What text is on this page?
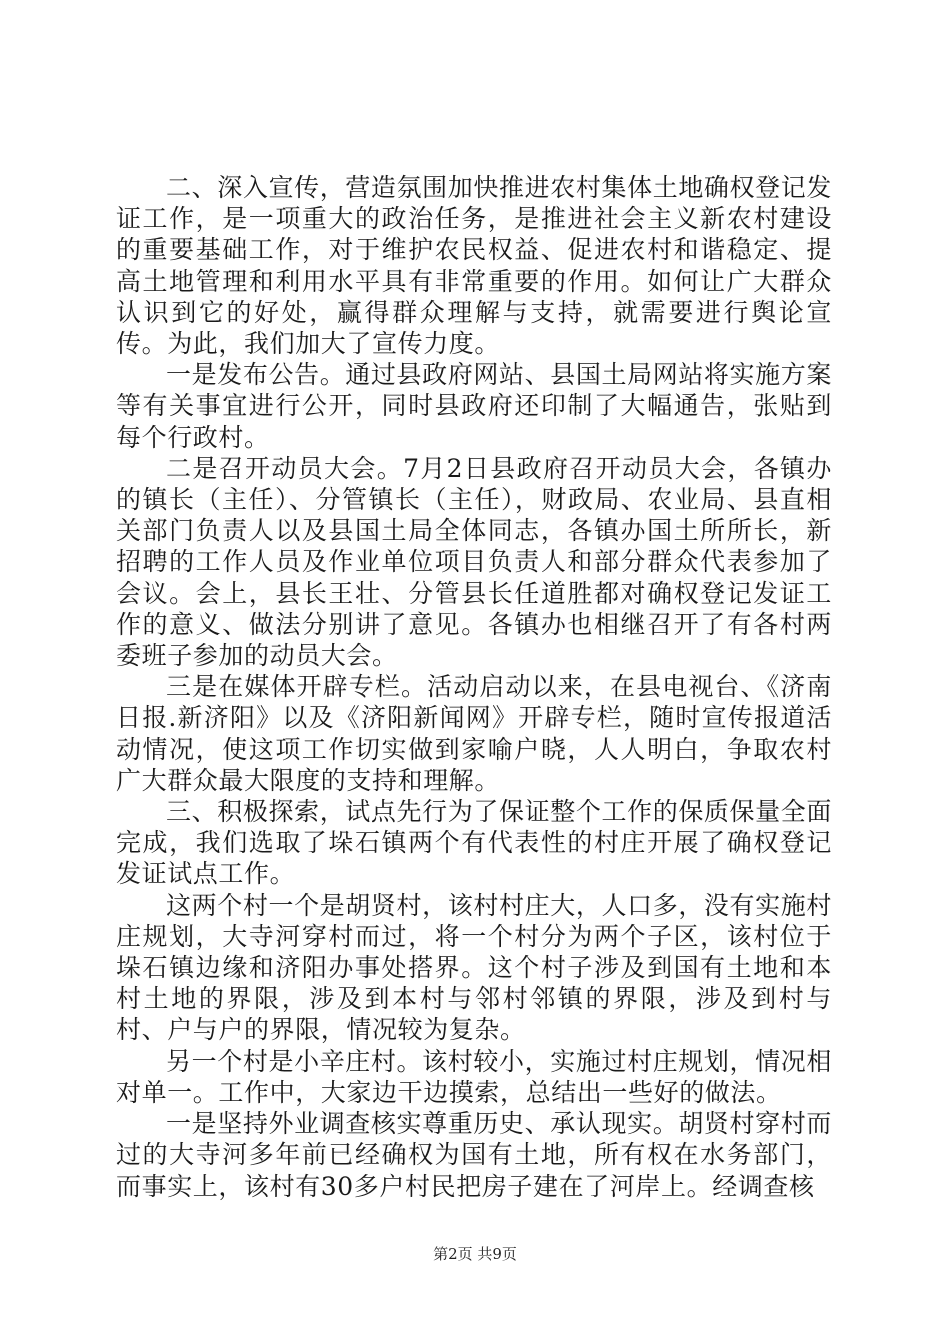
二、深入宣传，营造氛围加快推进农村集体土地确权登记发证工作，是一项重大的政治任务，是推进社会主义新农村建设的重要基础工作，对于维护农民权益、促进农村和谐稳定、提高土地管理和利用水平具有非常重要的作用。如何让广大群众认识到它的好处，赢得群众理解与支持，就需要进行舆论宣传。为此，我们加大了宣传力度。

一是发布公告。通过县政府网站、县国土局网站将实施方案等有关事宜进行公开，同时县政府还印制了大幅通告，张贴到每个行政村。

二是召开动员大会。7月2日县政府召开动员大会，各镇办的镇长（主任）、分管镇长（主任），财政局、农业局、县直相关部门负责人以及县国土局全体同志，各镇办国土所所长，新招聘的工作人员及作业单位项目负责人和部分群众代表参加了会议。会上，县长王壮、分管县长任道胜都对确权登记发证工作的意义、做法分别讲了意见。各镇办也相继召开了有各村两委班子参加的动员大会。

三是在媒体开辟专栏。活动启动以来，在县电视台、《济南日报.新济阳》以及《济阳新闻网》开辟专栏，随时宣传报道活动情况，使这项工作切实做到家喻户晓，人人明白，争取农村广大群众最大限度的支持和理解。

三、积极探索，试点先行为了保证整个工作的保质保量全面完成，我们选取了垛石镇两个有代表性的村庄开展了确权登记发证试点工作。

这两个村一个是胡贤村，该村村庄大，人口多，没有实施村庄规划，大寺河穿村而过，将一个村分为两个子区，该村位于垛石镇边缘和济阳办事处搭界。这个村子涉及到国有土地和本村土地的界限，涉及到本村与邻村邻镇的界限，涉及到村与村、户与户的界限，情况较为复杂。

另一个村是小辛庄村。该村较小，实施过村庄规划，情况相对单一。工作中，大家边干边摸索，总结出一些好的做法。

一是坚持外业调查核实尊重历史、承认现实。胡贤村穿村而过的大寺河多年前已经确权为国有土地，所有权在水务部门，而事实上，该村有30多户村民把房子建在了河岸上。经调查核

第2页 共9页
